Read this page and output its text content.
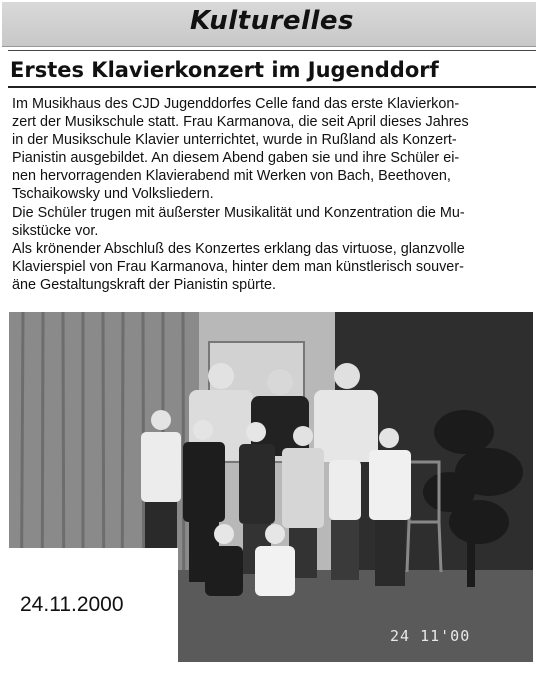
Kulturelles
Erstes Klavierkonzert im Jugenddorf

Im Musikhaus des CJD Jugenddorfes Celle fand das erste Klavierkon-
zert der Musikschule statt. Frau Karmanova, die seit April dieses Jahres
in der Musikschule Klavier unterrichtet, wurde in Rußland als Konzert-
Pianistin ausgebildet. An diesem Abend gaben sie und ihre Schüler ei-
nen hervorragenden Klavierabend mit Werken von Bach, Beethoven,
Tschaikowsky und Volksliedern.

Die Schüler trugen mit äußerster Musikalität und Konzentration die Mu-
sikstücke vor.

Als krönender Abschluß des Konzertes erklang das virtuose, glanzvolle
Klavierspiel von Frau Karmanova, hinter dem man künstlerisch souver-
äne Gestaltungskraft der Pianistin spürte.

24.11.2000
24 11'00
